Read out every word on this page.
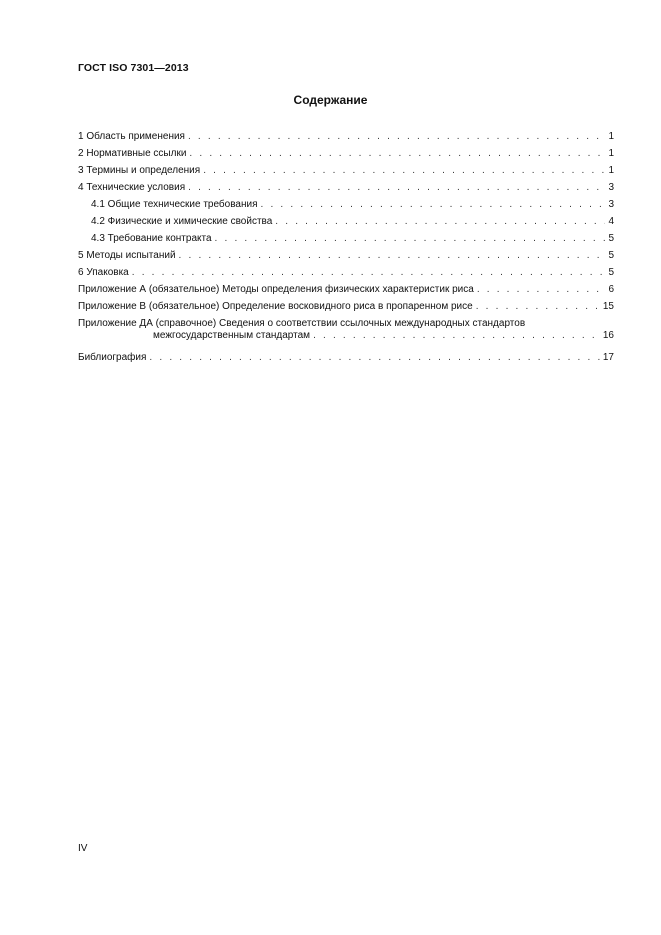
ГОСТ ISO 7301—2013
Содержание
1 Область применения . . .	1
2 Нормативные ссылки . . .	1
3 Термины и определения . . .	1
4 Технические условия . . .	3
4.1 Общие технические требования . . .	3
4.2 Физические и химические свойства . . .	4
4.3 Требование контракта . . .	5
5 Методы испытаний . . .	5
6 Упаковка . . .	5
Приложение А (обязательное) Методы определения физических характеристик риса . . .	6
Приложение В (обязательное) Определение восковидного риса в пропаренном рисе . . .	15
Приложение ДА (справочное) Сведения о соответствии ссылочных международных стандартов
межгосударственным стандартам . . .	16
Библиография . . .	17
IV
